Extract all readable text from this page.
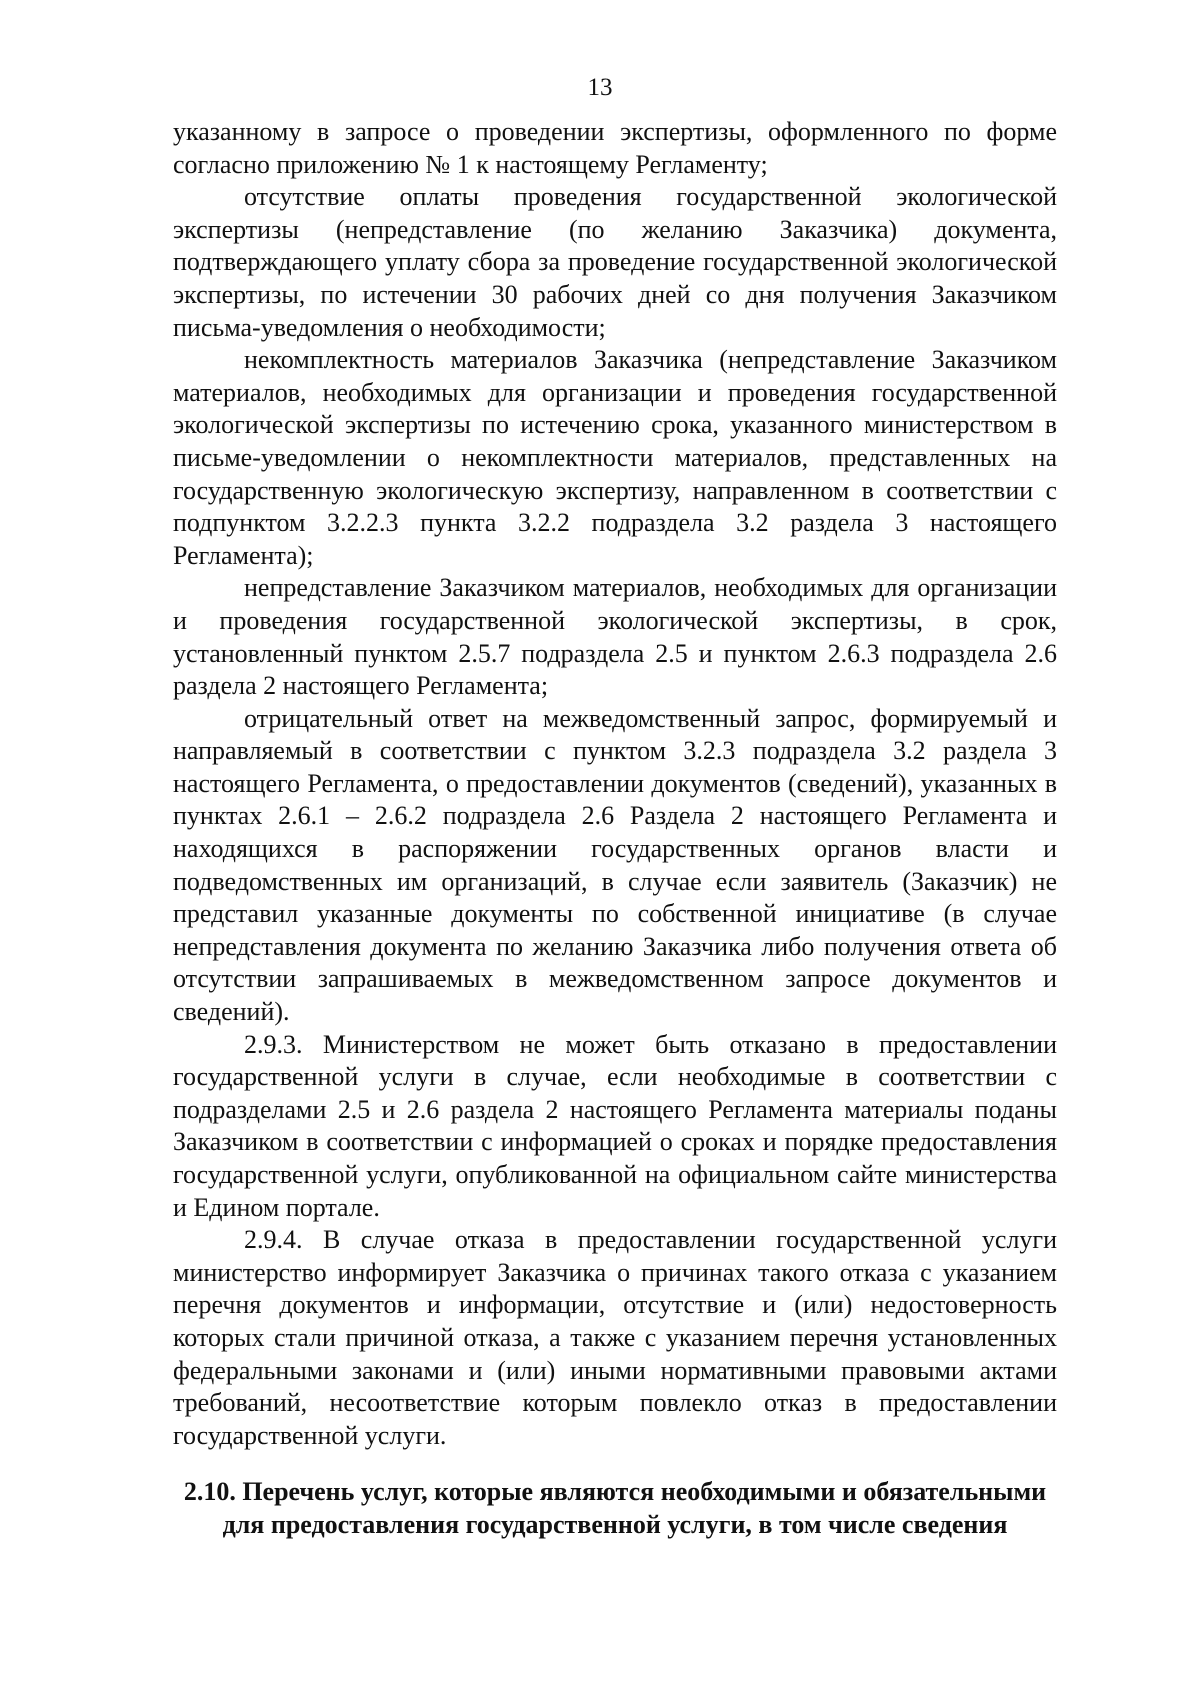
13

указанному в запросе о проведении экспертизы, оформленного по форме согласно приложению № 1 к настоящему Регламенту;

отсутствие оплаты проведения государственной экологической экспертизы (непредставление (по желанию Заказчика) документа, подтверждающего уплату сбора за проведение государственной экологической экспертизы, по истечении 30 рабочих дней со дня получения Заказчиком письма-уведомления о необходимости;

некомплектность материалов Заказчика (непредставление Заказчиком материалов, необходимых для организации и проведения государственной экологической экспертизы по истечению срока, указанного министерством в письме-уведомлении о некомплектности материалов, представленных на государственную экологическую экспертизу, направленном в соответствии с подпунктом 3.2.2.3 пункта 3.2.2 подраздела 3.2 раздела 3 настоящего Регламента);

непредставление Заказчиком материалов, необходимых для организации и проведения государственной экологической экспертизы, в срок, установленный пунктом 2.5.7 подраздела 2.5 и пунктом 2.6.3 подраздела 2.6 раздела 2 настоящего Регламента;

отрицательный ответ на межведомственный запрос, формируемый и направляемый в соответствии с пунктом 3.2.3 подраздела 3.2 раздела 3 настоящего Регламента, о предоставлении документов (сведений), указанных в пунктах 2.6.1 – 2.6.2 подраздела 2.6 Раздела 2 настоящего Регламента и находящихся в распоряжении государственных органов власти и подведомственных им организаций, в случае если заявитель (Заказчик) не представил указанные документы по собственной инициативе (в случае непредставления документа по желанию Заказчика либо получения ответа об отсутствии запрашиваемых в межведомственном запросе документов и сведений).

2.9.3. Министерством не может быть отказано в предоставлении государственной услуги в случае, если необходимые в соответствии с подразделами 2.5 и 2.6 раздела 2 настоящего Регламента материалы поданы Заказчиком в соответствии с информацией о сроках и порядке предоставления государственной услуги, опубликованной на официальном сайте министерства и Едином портале.

2.9.4. В случае отказа в предоставлении государственной услуги министерство информирует Заказчика о причинах такого отказа с указанием перечня документов и информации, отсутствие и (или) недостоверность которых стали причиной отказа, а также с указанием перечня установленных федеральными законами и (или) иными нормативными правовыми актами требований, несоответствие которым повлекло отказ в предоставлении государственной услуги.

2.10. Перечень услуг, которые являются необходимыми и обязательными для предоставления государственной услуги, в том числе сведения
